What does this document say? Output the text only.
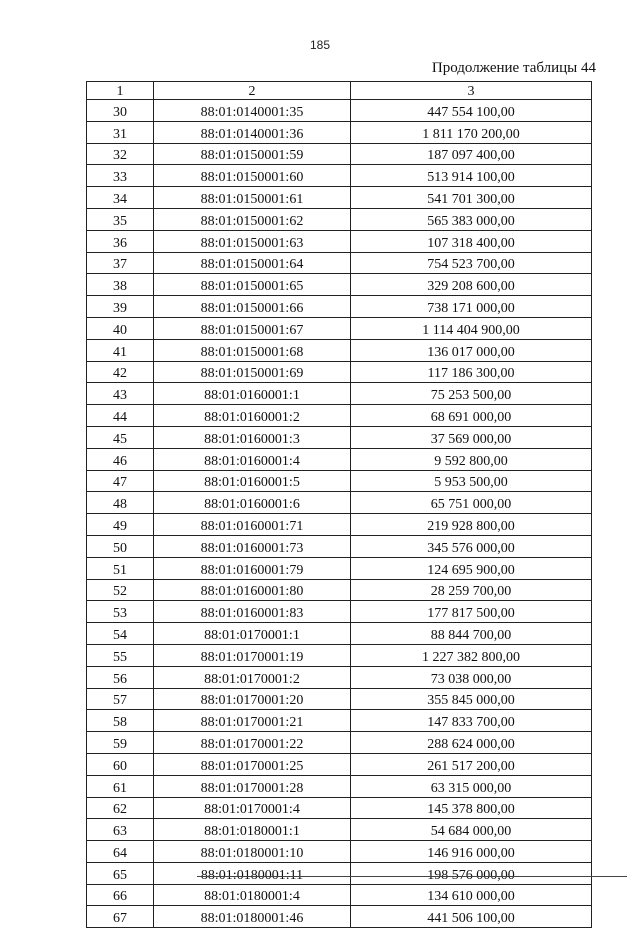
185
Продолжение таблицы 44
1	2	3
30	88:01:0140001:35	447 554 100,00
31	88:01:0140001:36	1 811 170 200,00
32	88:01:0150001:59	187 097 400,00
33	88:01:0150001:60	513 914 100,00
34	88:01:0150001:61	541 701 300,00
35	88:01:0150001:62	565 383 000,00
36	88:01:0150001:63	107 318 400,00
37	88:01:0150001:64	754 523 700,00
38	88:01:0150001:65	329 208 600,00
39	88:01:0150001:66	738 171 000,00
40	88:01:0150001:67	1 114 404 900,00
41	88:01:0150001:68	136 017 000,00
42	88:01:0150001:69	117 186 300,00
43	88:01:0160001:1	75 253 500,00
44	88:01:0160001:2	68 691 000,00
45	88:01:0160001:3	37 569 000,00
46	88:01:0160001:4	9 592 800,00
47	88:01:0160001:5	5 953 500,00
48	88:01:0160001:6	65 751 000,00
49	88:01:0160001:71	219 928 800,00
50	88:01:0160001:73	345 576 000,00
51	88:01:0160001:79	124 695 900,00
52	88:01:0160001:80	28 259 700,00
53	88:01:0160001:83	177 817 500,00
54	88:01:0170001:1	88 844 700,00
55	88:01:0170001:19	1 227 382 800,00
56	88:01:0170001:2	73 038 000,00
57	88:01:0170001:20	355 845 000,00
58	88:01:0170001:21	147 833 700,00
59	88:01:0170001:22	288 624 000,00
60	88:01:0170001:25	261 517 200,00
61	88:01:0170001:28	63 315 000,00
62	88:01:0170001:4	145 378 800,00
63	88:01:0180001:1	54 684 000,00
64	88:01:0180001:10	146 916 000,00
65	88:01:0180001:11	198 576 000,00
66	88:01:0180001:4	134 610 000,00
67	88:01:0180001:46	441 506 100,00
